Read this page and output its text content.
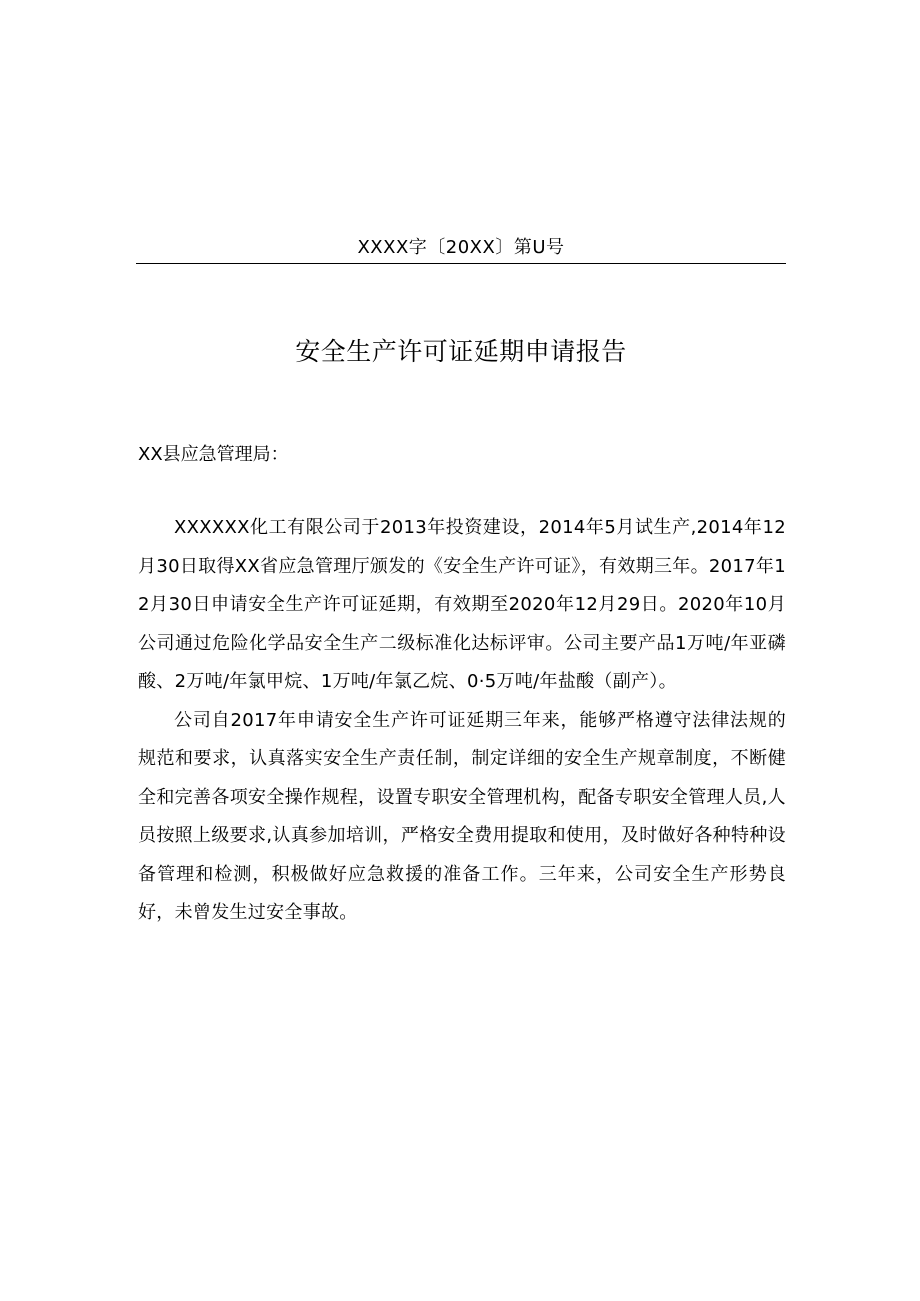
XXXX字〔20XX〕第U号
安全生产许可证延期申请报告
XX县应急管理局：

XXXXXX化工有限公司于2013年投资建设，2014年5月试生产,2014年12月30日取得XX省应急管理厅颁发的《安全生产许可证》，有效期三年。2017年12月30日申请安全生产许可证延期，有效期至2020年12月29日。2020年10月公司通过危险化学品安全生产二级标准化达标评审。公司主要产品1万吨/年亚磷酸、2万吨/年氯甲烷、1万吨/年氯乙烷、0·5万吨/年盐酸（副产）。

公司自2017年申请安全生产许可证延期三年来，能够严格遵守法律法规的规范和要求，认真落实安全生产责任制，制定详细的安全生产规章制度，不断健全和完善各项安全操作规程，设置专职安全管理机构，配备专职安全管理人员,人员按照上级要求,认真参加培训，严格安全费用提取和使用，及时做好各种特种设备管理和检测，积极做好应急救援的准备工作。三年来，公司安全生产形势良好，未曾发生过安全事故。
